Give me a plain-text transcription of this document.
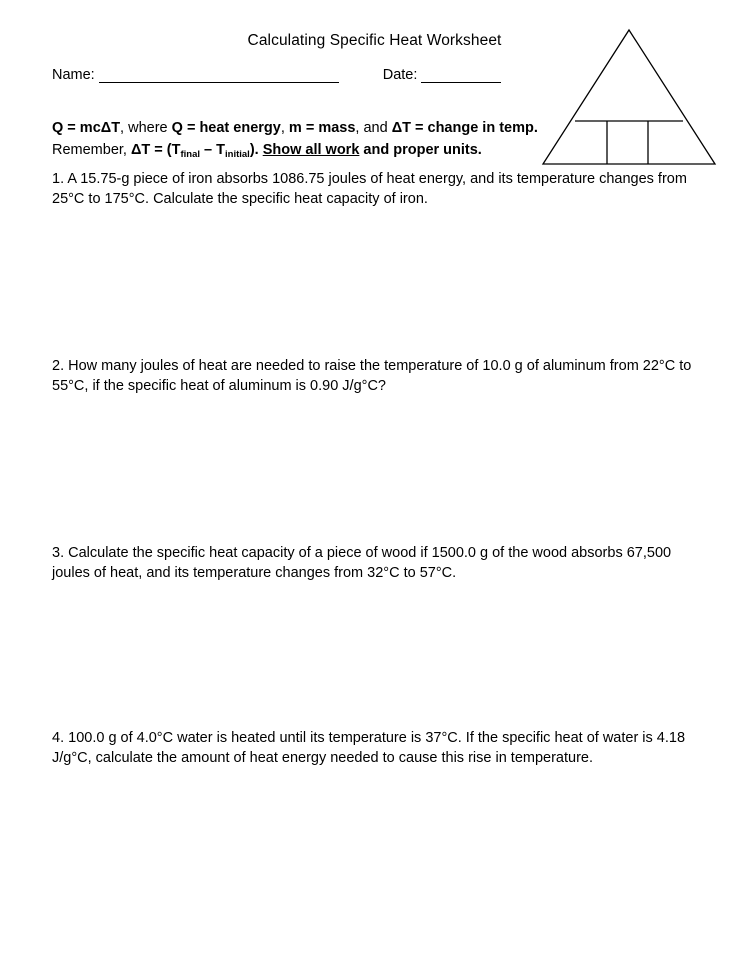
Calculating Specific Heat Worksheet
Name:	Date:
Q = mcΔT, where Q = heat energy, m = mass, and ΔT = change in temp.
Remember, $\Delta T = (T_{final} - T_{initial})$. Show all work and proper units.
1. A 15.75-g piece of iron absorbs 1086.75 joules of heat energy, and its temperature changes from 25°C to 175°C. Calculate the specific heat capacity of iron.
2. How many joules of heat are needed to raise the temperature of 10.0 g of aluminum from 22°C to 55°C, if the specific heat of aluminum is 0.90 J/g°C?
3. Calculate the specific heat capacity of a piece of wood if 1500.0 g of the wood absorbs 67,500 joules of heat, and its temperature changes from 32°C to 57°C.
4. 100.0 g of 4.0°C water is heated until its temperature is 37°C. If the specific heat of water is 4.18 J/g°C, calculate the amount of heat energy needed to cause this rise in temperature.
